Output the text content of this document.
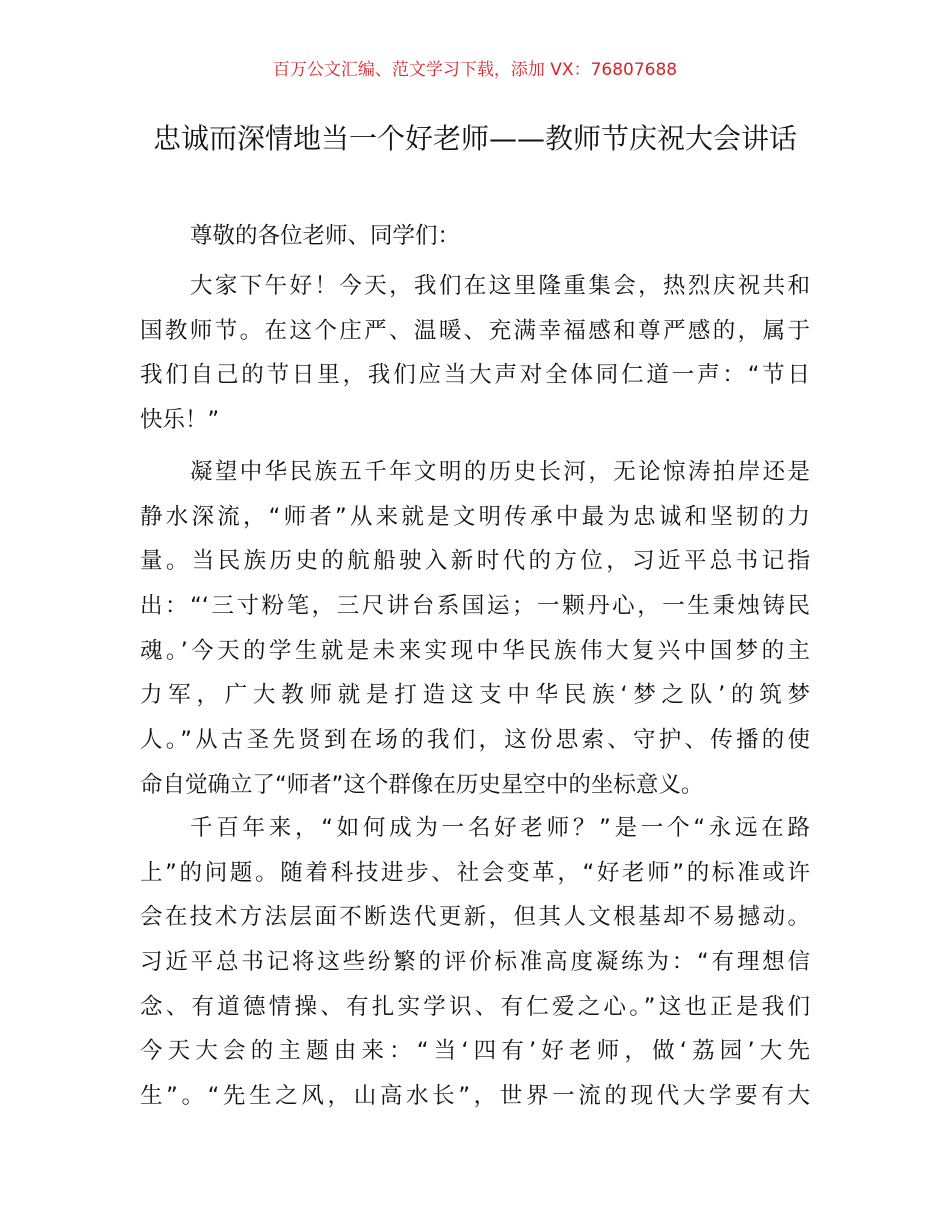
百万公文汇编、范文学习下载，添加 VX：76807688
忠诚而深情地当一个好老师——教师节庆祝大会讲话
尊敬的各位老师、同学们：
大家下午好！今天，我们在这里隆重集会，热烈庆祝共和
国教师节。在这个庄严、温暖、充满幸福感和尊严感的，属于
我们自己的节日里，我们应当大声对全体同仁道一声：“节日
快乐！”
凝望中华民族五千年文明的历史长河，无论惊涛拍岸还是
静水深流，“师者”从来就是文明传承中最为忠诚和坚韧的力
量。当民族历史的航船驶入新时代的方位，习近平总书记指
出：“‘三寸粉笔，三尺讲台系国运；一颗丹心，一生秉烛铸民
魂。’今天的学生就是未来实现中华民族伟大复兴中国梦的主
力军，广大教师就是打造这支中华民族‘梦之队’的筑梦
人。”从古圣先贤到在场的我们，这份思索、守护、传播的使
命自觉确立了“师者”这个群像在历史星空中的坐标意义。
千百年来，“如何成为一名好老师？”是一个“永远在路
上”的问题。随着科技进步、社会变革，“好老师”的标准或许
会在技术方法层面不断迭代更新，但其人文根基却不易撼动。
习近平总书记将这些纷繁的评价标准高度凝练为：“有理想信
念、有道德情操、有扎实学识、有仁爱之心。”这也正是我们
今天大会的主题由来：“当‘四有’好老师，做‘荔园’大先
生”。“先生之风，山高水长”，世界一流的现代大学要有大
